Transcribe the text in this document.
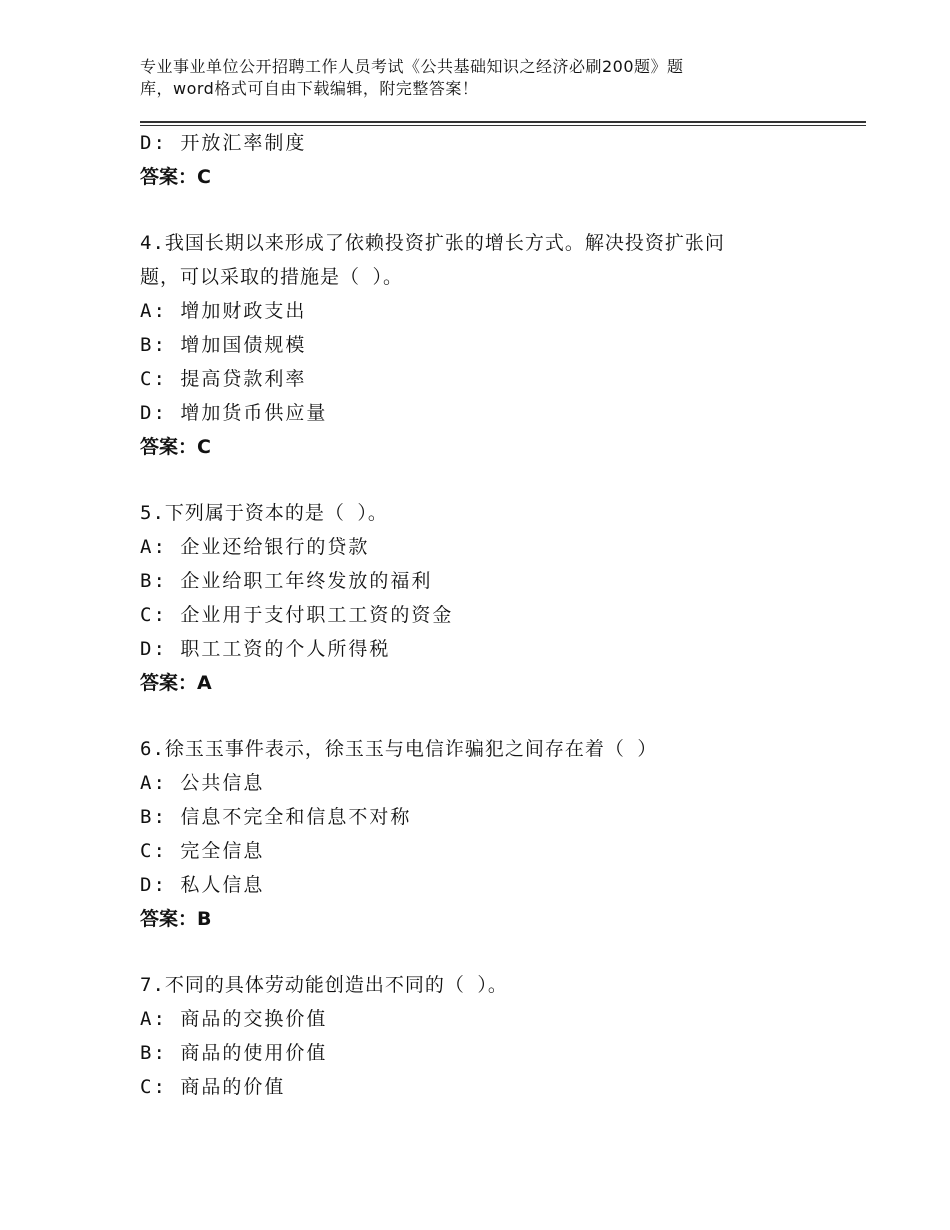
专业事业单位公开招聘工作人员考试《公共基础知识之经济必刷200题》题
库，word格式可自由下载编辑，附完整答案！
D: 开放汇率制度
答案：C
4.我国长期以来形成了依赖投资扩张的增长方式。解决投资扩张问
题，可以采取的措施是（ ）。
A: 增加财政支出
B: 增加国债规模
C: 提高贷款利率
D: 增加货币供应量
答案：C
5.下列属于资本的是（ ）。
A: 企业还给银行的贷款
B: 企业给职工年终发放的福利
C: 企业用于支付职工工资的资金
D: 职工工资的个人所得税
答案：A
6.徐玉玉事件表示，徐玉玉与电信诈骗犯之间存在着（ ）
A: 公共信息
B: 信息不完全和信息不对称
C: 完全信息
D: 私人信息
答案：B
7.不同的具体劳动能创造出不同的（ ）。
A: 商品的交换价值
B: 商品的使用价值
C: 商品的价值
